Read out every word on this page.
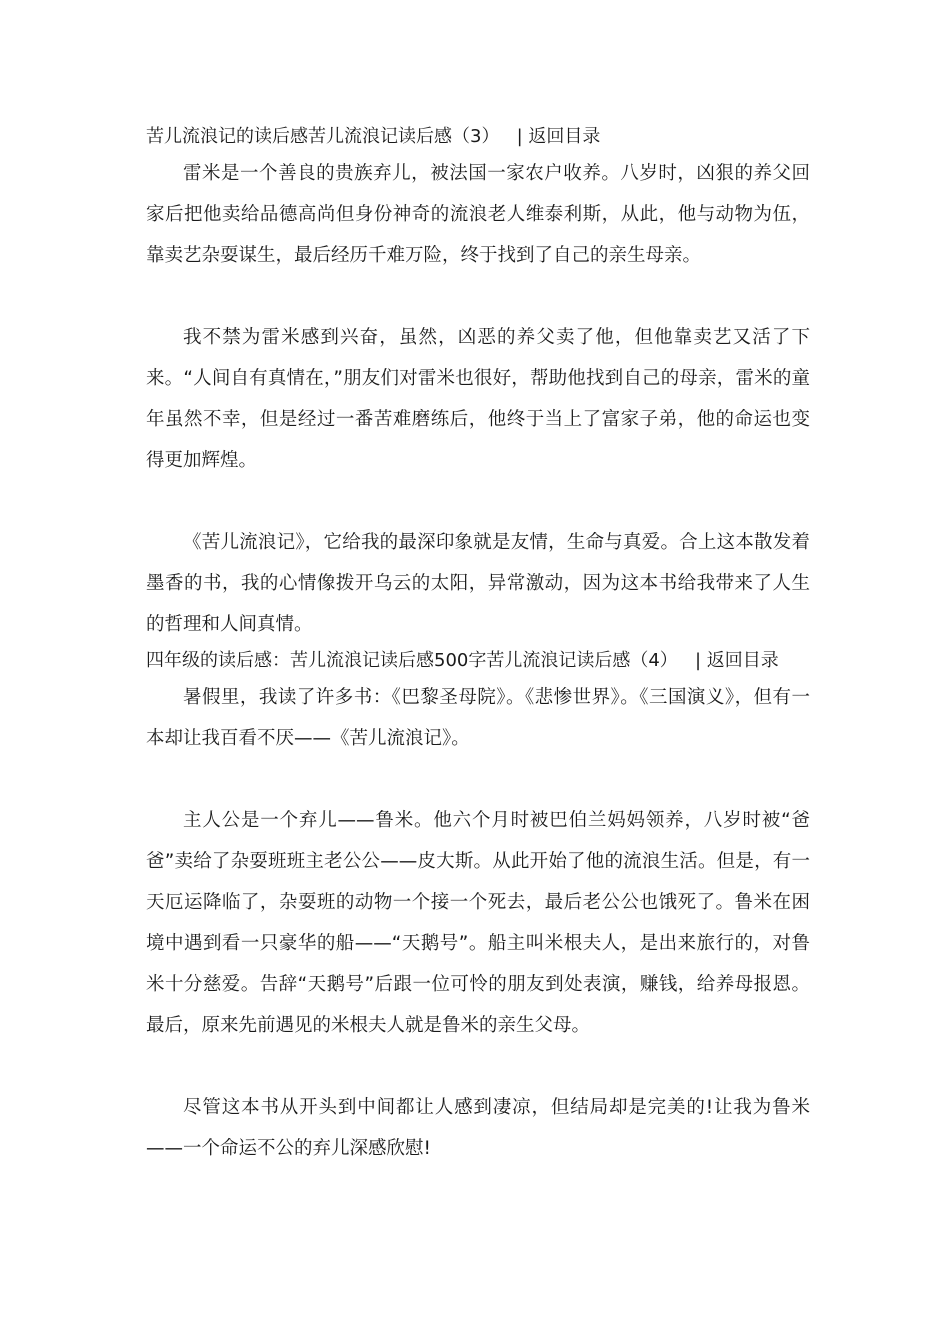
苦儿流浪记的读后感苦儿流浪记读后感（3） | 返回目录

雷米是一个善良的贵族弃儿，被法国一家农户收养。八岁时，凶狠的养父回家后把他卖给品德高尚但身份神奇的流浪老人维泰利斯，从此，他与动物为伍，靠卖艺杂耍谋生，最后经历千难万险，终于找到了自己的亲生母亲。

我不禁为雷米感到兴奋，虽然，凶恶的养父卖了他，但他靠卖艺又活了下来。“人间自有真情在，”朋友们对雷米也很好，帮助他找到自己的母亲，雷米的童年虽然不幸，但是经过一番苦难磨练后，他终于当上了富家子弟，他的命运也变得更加辉煌。

《苦儿流浪记》，它给我的最深印象就是友情，生命与真爱。合上这本散发着墨香的书，我的心情像拨开乌云的太阳，异常激动，因为这本书给我带来了人生的哲理和人间真情。

四年级的读后感：苦儿流浪记读后感500字苦儿流浪记读后感（4） | 返回目录

暑假里，我读了许多书：《巴黎圣母院》。《悲惨世界》。《三国演义》，但有一本却让我百看不厌——《苦儿流浪记》。

主人公是一个弃儿——鲁米。他六个月时被巴伯兰妈妈领养，八岁时被“爸爸”卖给了杂耍班班主老公公——皮大斯。从此开始了他的流浪生活。但是，有一天厄运降临了，杂耍班的动物一个接一个死去，最后老公公也饿死了。鲁米在困境中遇到看一只豪华的船——“天鹅号”。船主叫米根夫人，是出来旅行的，对鲁米十分慈爱。告辞“天鹅号”后跟一位可怜的朋友到处表演，赚钱，给养母报恩。最后，原来先前遇见的米根夫人就是鲁米的亲生父母。

尽管这本书从开头到中间都让人感到凄凉，但结局却是完美的!让我为鲁米——一个命运不公的弃儿深感欣慰!
